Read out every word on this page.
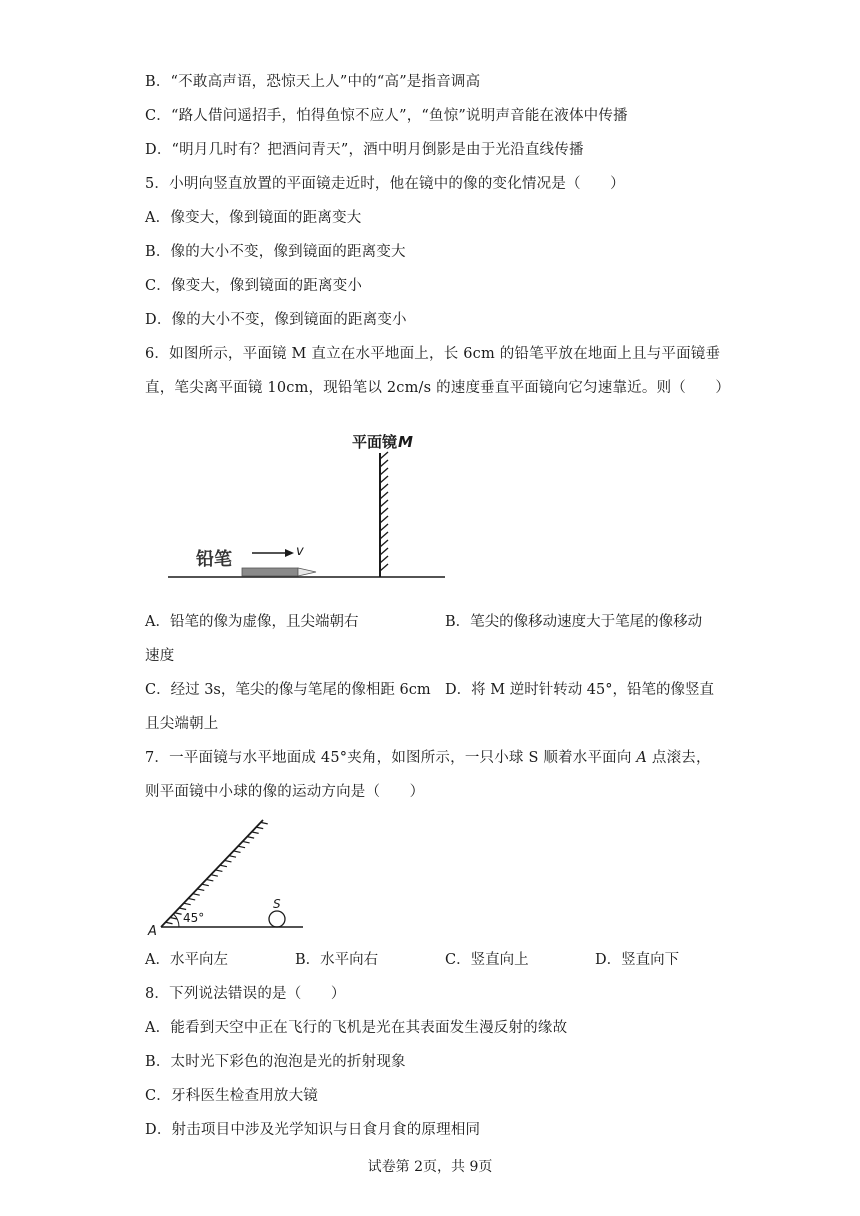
B．“不敢高声语，恐惊天上人”中的“高”是指音调高
C．“路人借问遥招手，怕得鱼惊不应人”，“鱼惊”说明声音能在液体中传播
D．“明月几时有？把酒问青天”，酒中明月倒影是由于光沿直线传播
5．小明向竖直放置的平面镜走近时，他在镜中的像的变化情况是（　　）
A．像变大，像到镜面的距离变大
B．像的大小不变，像到镜面的距离变大
C．像变大，像到镜面的距离变小
D．像的大小不变，像到镜面的距离变小
6．如图所示，平面镜 M 直立在水平地面上，长 6cm 的铅笔平放在地面上且与平面镜垂
直，笔尖离平面镜 10cm，现铅笔以 2cm/s 的速度垂直平面镜向它匀速靠近。则（　　）
平面镜 M
铅笔	v
A．铅笔的像为虚像，且尖端朝右	B．笔尖的像移动速度大于笔尾的像移动
速度
C．经过 3s，笔尖的像与笔尾的像相距 6cm D．将 M 逆时针转动 45°，铅笔的像竖直
且尖端朝上
7．一平面镜与水平地面成 45°夹角，如图所示，一只小球 S 顺着水平面向 A 点滚去，
则平面镜中小球的像的运动方向是（　　）
45°
A
S
A．水平向左	B．水平向右	C．竖直向上	D．竖直向下
8．下列说法错误的是（　　）
A．能看到天空中正在飞行的飞机是光在其表面发生漫反射的缘故
B．太时光下彩色的泡泡是光的折射现象
C．牙科医生检查用放大镜
D．射击项目中涉及光学知识与日食月食的原理相同
试卷第 2页，共 9页
